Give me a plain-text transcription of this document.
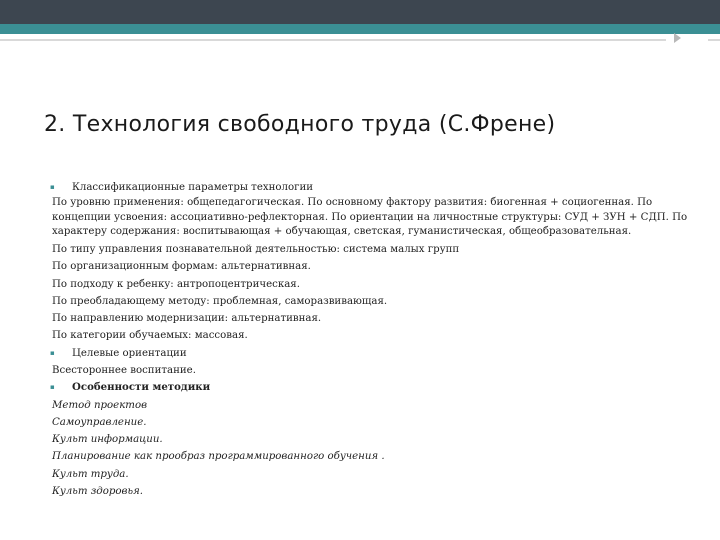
2. Технология свободного труда (С.Френе)
▪ Классификационные параметры технологии
По уровню применения: общепедагогическая. По основному фактору развития: биогенная + социогенная. По концепции усвоения: ассоциативно-рефлекторная. По ориентации на личностные структуры: СУД + ЗУН + СДП. По характеру содержания: воспитывающая + обучающая, светская, гуманистическая, общеобразовательная.
По типу управления познавательной деятельностью: система малых групп
По организационным формам: альтернативная.
По подходу к ребенку: антропоцентрическая.
По преобладающему методу: проблемная, саморазвивающая.
По направлению модернизации: альтернативная.
По категории обучаемых: массовая.
▪ Целевые ориентации
Всестороннее воспитание.
▪ Особенности методики
Метод проектов
Самоуправление.
Культ информации.
Планирование как прообраз программированного обучения .
Культ труда.
Культ здоровья.
